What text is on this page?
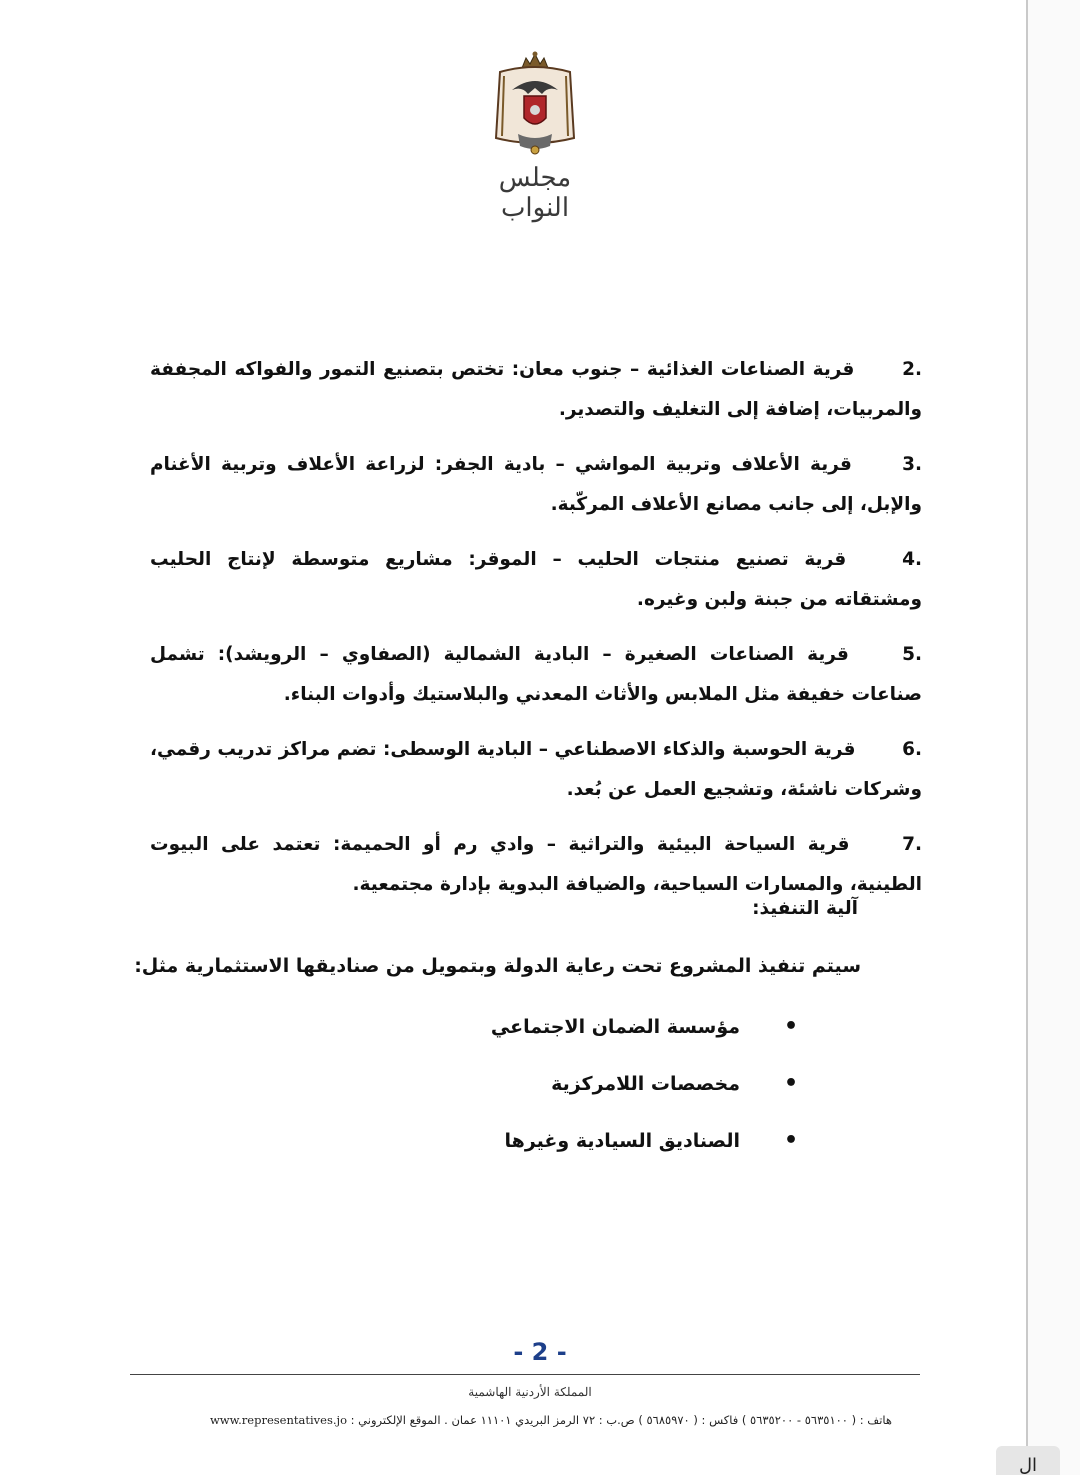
مجلس النواب
.2 قرية الصناعات الغذائية – جنوب معان: تختص بتصنيع التمور والفواكه المجففة والمربيات، إضافة إلى التغليف والتصدير.
.3 قرية الأعلاف وتربية المواشي – بادية الجفر: لزراعة الأعلاف وتربية الأغنام والإبل، إلى جانب مصانع الأعلاف المركّبة.
.4 قرية تصنيع منتجات الحليب – الموقر: مشاريع متوسطة لإنتاج الحليب ومشتقاته من جبنة ولبن وغيره.
.5 قرية الصناعات الصغيرة – البادية الشمالية (الصفاوي – الرويشد): تشمل صناعات خفيفة مثل الملابس والأثاث المعدني والبلاستيك وأدوات البناء.
.6 قرية الحوسبة والذكاء الاصطناعي – البادية الوسطى: تضم مراكز تدريب رقمي، وشركات ناشئة، وتشجيع العمل عن بُعد.
.7 قرية السياحة البيئية والتراثية – وادي رم أو الحميمة: تعتمد على البيوت الطينية، والمسارات السياحية، والضيافة البدوية بإدارة مجتمعية.
آلية التنفيذ:
سيتم تنفيذ المشروع تحت رعاية الدولة وبتمويل من صناديقها الاستثمارية مثل:
•
مؤسسة الضمان الاجتماعي
•
مخصصات اللامركزية
•
الصناديق السيادية وغيرها
- 2 -
المملكة الأردنية الهاشمية
هاتف : ( ٥٦٣٥١٠٠ - ٥٦٣٥٢٠٠ ) فاكس : ( ٥٦٨٥٩٧٠ ) ص.ب : ٧٢ الرمز البريدي ١١١٠١ عمان . الموقع الإلكتروني : www.representatives.jo
ال
